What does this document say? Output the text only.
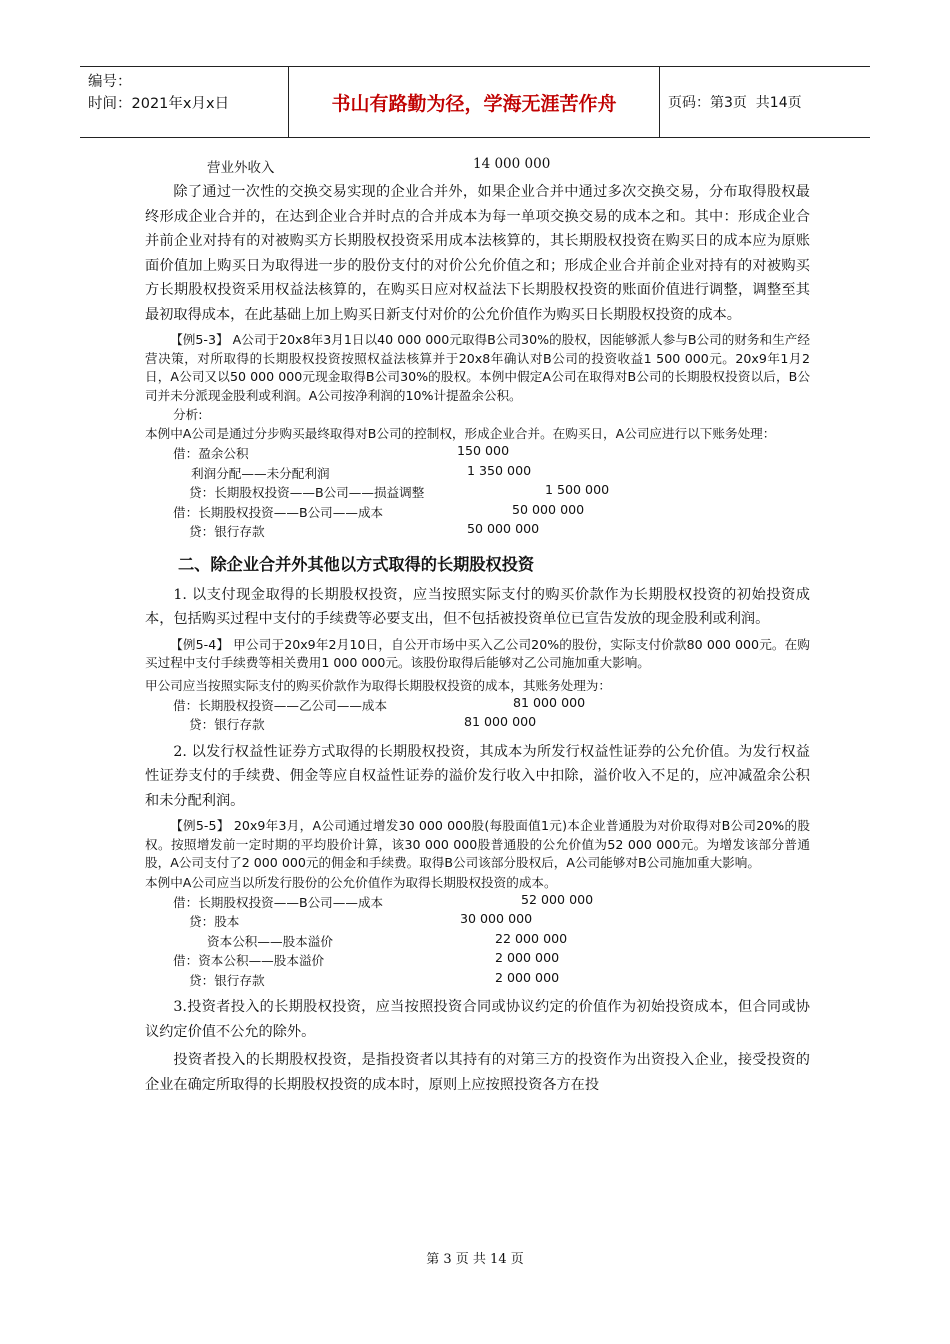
编号：
时间：2021年x月x日	书山有路勤为径，学海无涯苦作舟	页码：第3页  共14页
营业外收入	14 000 000

除了通过一次性的交换交易实现的企业合并外，如果企业合并中通过多次交换交易，分布取得股权最终形成企业合并的，在达到企业合并时点的合并成本为每一单项交换交易的成本之和。其中：形成企业合并前企业对持有的对被购买方长期股权投资采用成本法核算的，其长期股权投资在购买日的成本应为原账面价值加上购买日为取得进一步的股份支付的对价公允价值之和；形成企业合并前企业对持有的对被购买方长期股权投资采用权益法核算的，在购买日应对权益法下长期股权投资的账面价值进行调整，调整至其最初取得成本，在此基础上加上购买日新支付对价的公允价值作为购买日长期股权投资的成本。

【例5-3】 A公司于20x8年3月1日以40 000 000元取得B公司30%的股权，因能够派人参与B公司的财务和生产经营决策，对所取得的长期股权投资按照权益法核算并于20x8年确认对B公司的投资收益1 500 000元。20x9年1月2日，A公司又以50 000 000元现金取得B公司30%的股权。本例中假定A公司在取得对B公司的长期股权投资以后，B公司并未分派现金股利或利润。A公司按净利润的10%计提盈余公积。

分析:

本例中A公司是通过分步购买最终取得对B公司的控制权，形成企业合并。在购买日，A公司应进行以下账务处理：

借：盈余公积	150 000
利润分配——未分配利润	1 350 000
贷：长期股权投资——B公司——损益调整	1 500 000
借：长期股权投资——B公司——成本	50 000 000
贷：银行存款	50 000 000
二、除企业合并外其他以方式取得的长期股权投资

1. 以支付现金取得的长期股权投资，应当按照实际支付的购买价款作为长期股权投资的初始投资成本，包括购买过程中支付的手续费等必要支出，但不包括被投资单位已宣告发放的现金股利或利润。

【例5-4】 甲公司于20x9年2月10日，自公开市场中买入乙公司20%的股份，实际支付价款80 000 000元。在购买过程中支付手续费等相关费用1 000 000元。该股份取得后能够对乙公司施加重大影响。

甲公司应当按照实际支付的购买价款作为取得长期股权投资的成本，其账务处理为：

借：长期股权投资——乙公司——成本	81 000 000
贷：银行存款	81 000 000

2. 以发行权益性证券方式取得的长期股权投资，其成本为所发行权益性证券的公允价值。为发行权益性证券支付的手续费、佣金等应自权益性证券的溢价发行收入中扣除，溢价收入不足的，应冲减盈余公积和未分配利润。

【例5-5】 20x9年3月，A公司通过增发30 000 000股(每股面值1元)本企业普通股为对价取得对B公司20%的股权。按照增发前一定时期的平均股价计算，该30 000 000股普通股的公允价值为52 000 000元。为增发该部分普通股，A公司支付了2 000 000元的佣金和手续费。取得B公司该部分股权后，A公司能够对B公司施加重大影响。

本例中A公司应当以所发行股份的公允价值作为取得长期股权投资的成本。

借：长期股权投资——B公司——成本	52 000 000
贷：股本	30 000 000
资本公积——股本溢价	22 000 000
借：资本公积——股本溢价	2 000 000
贷：银行存款	2 000 000

3.投资者投入的长期股权投资，应当按照投资合同或协议约定的价值作为初始投资成本，但合同或协议约定价值不公允的除外。

投资者投入的长期股权投资，是指投资者以其持有的对第三方的投资作为出资投入企业，接受投资的企业在确定所取得的长期股权投资的成本时，原则上应按照投资各方在投

第 3 页 共 14 页
